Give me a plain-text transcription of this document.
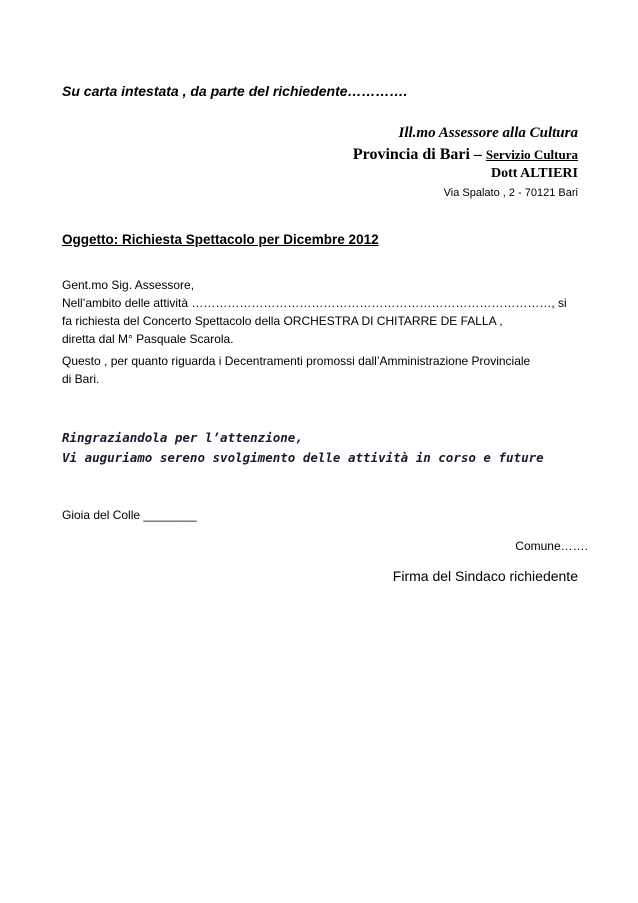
Su carta intestata , da parte del richiedente………….
Ill.mo Assessore alla Cultura
Provincia di Bari – Servizio Cultura
Dott ALTIERI
Via Spalato , 2 - 70121 Bari
Oggetto: Richiesta Spettacolo per Dicembre 2012
Gent.mo Sig. Assessore,
Nell’ambito delle attività ………………………………………………………………………………, si
fa richiesta del Concerto Spettacolo della ORCHESTRA DI CHITARRE DE FALLA ,
diretta dal M° Pasquale Scarola.
Questo , per quanto riguarda i Decentramenti promossi dall’Amministrazione Provinciale
di Bari.
Ringraziandola per l’attenzione,
Vi auguriamo sereno svolgimento delle attività in corso e future
Gioia del Colle ________
Comune…….
Firma del Sindaco richiedente
